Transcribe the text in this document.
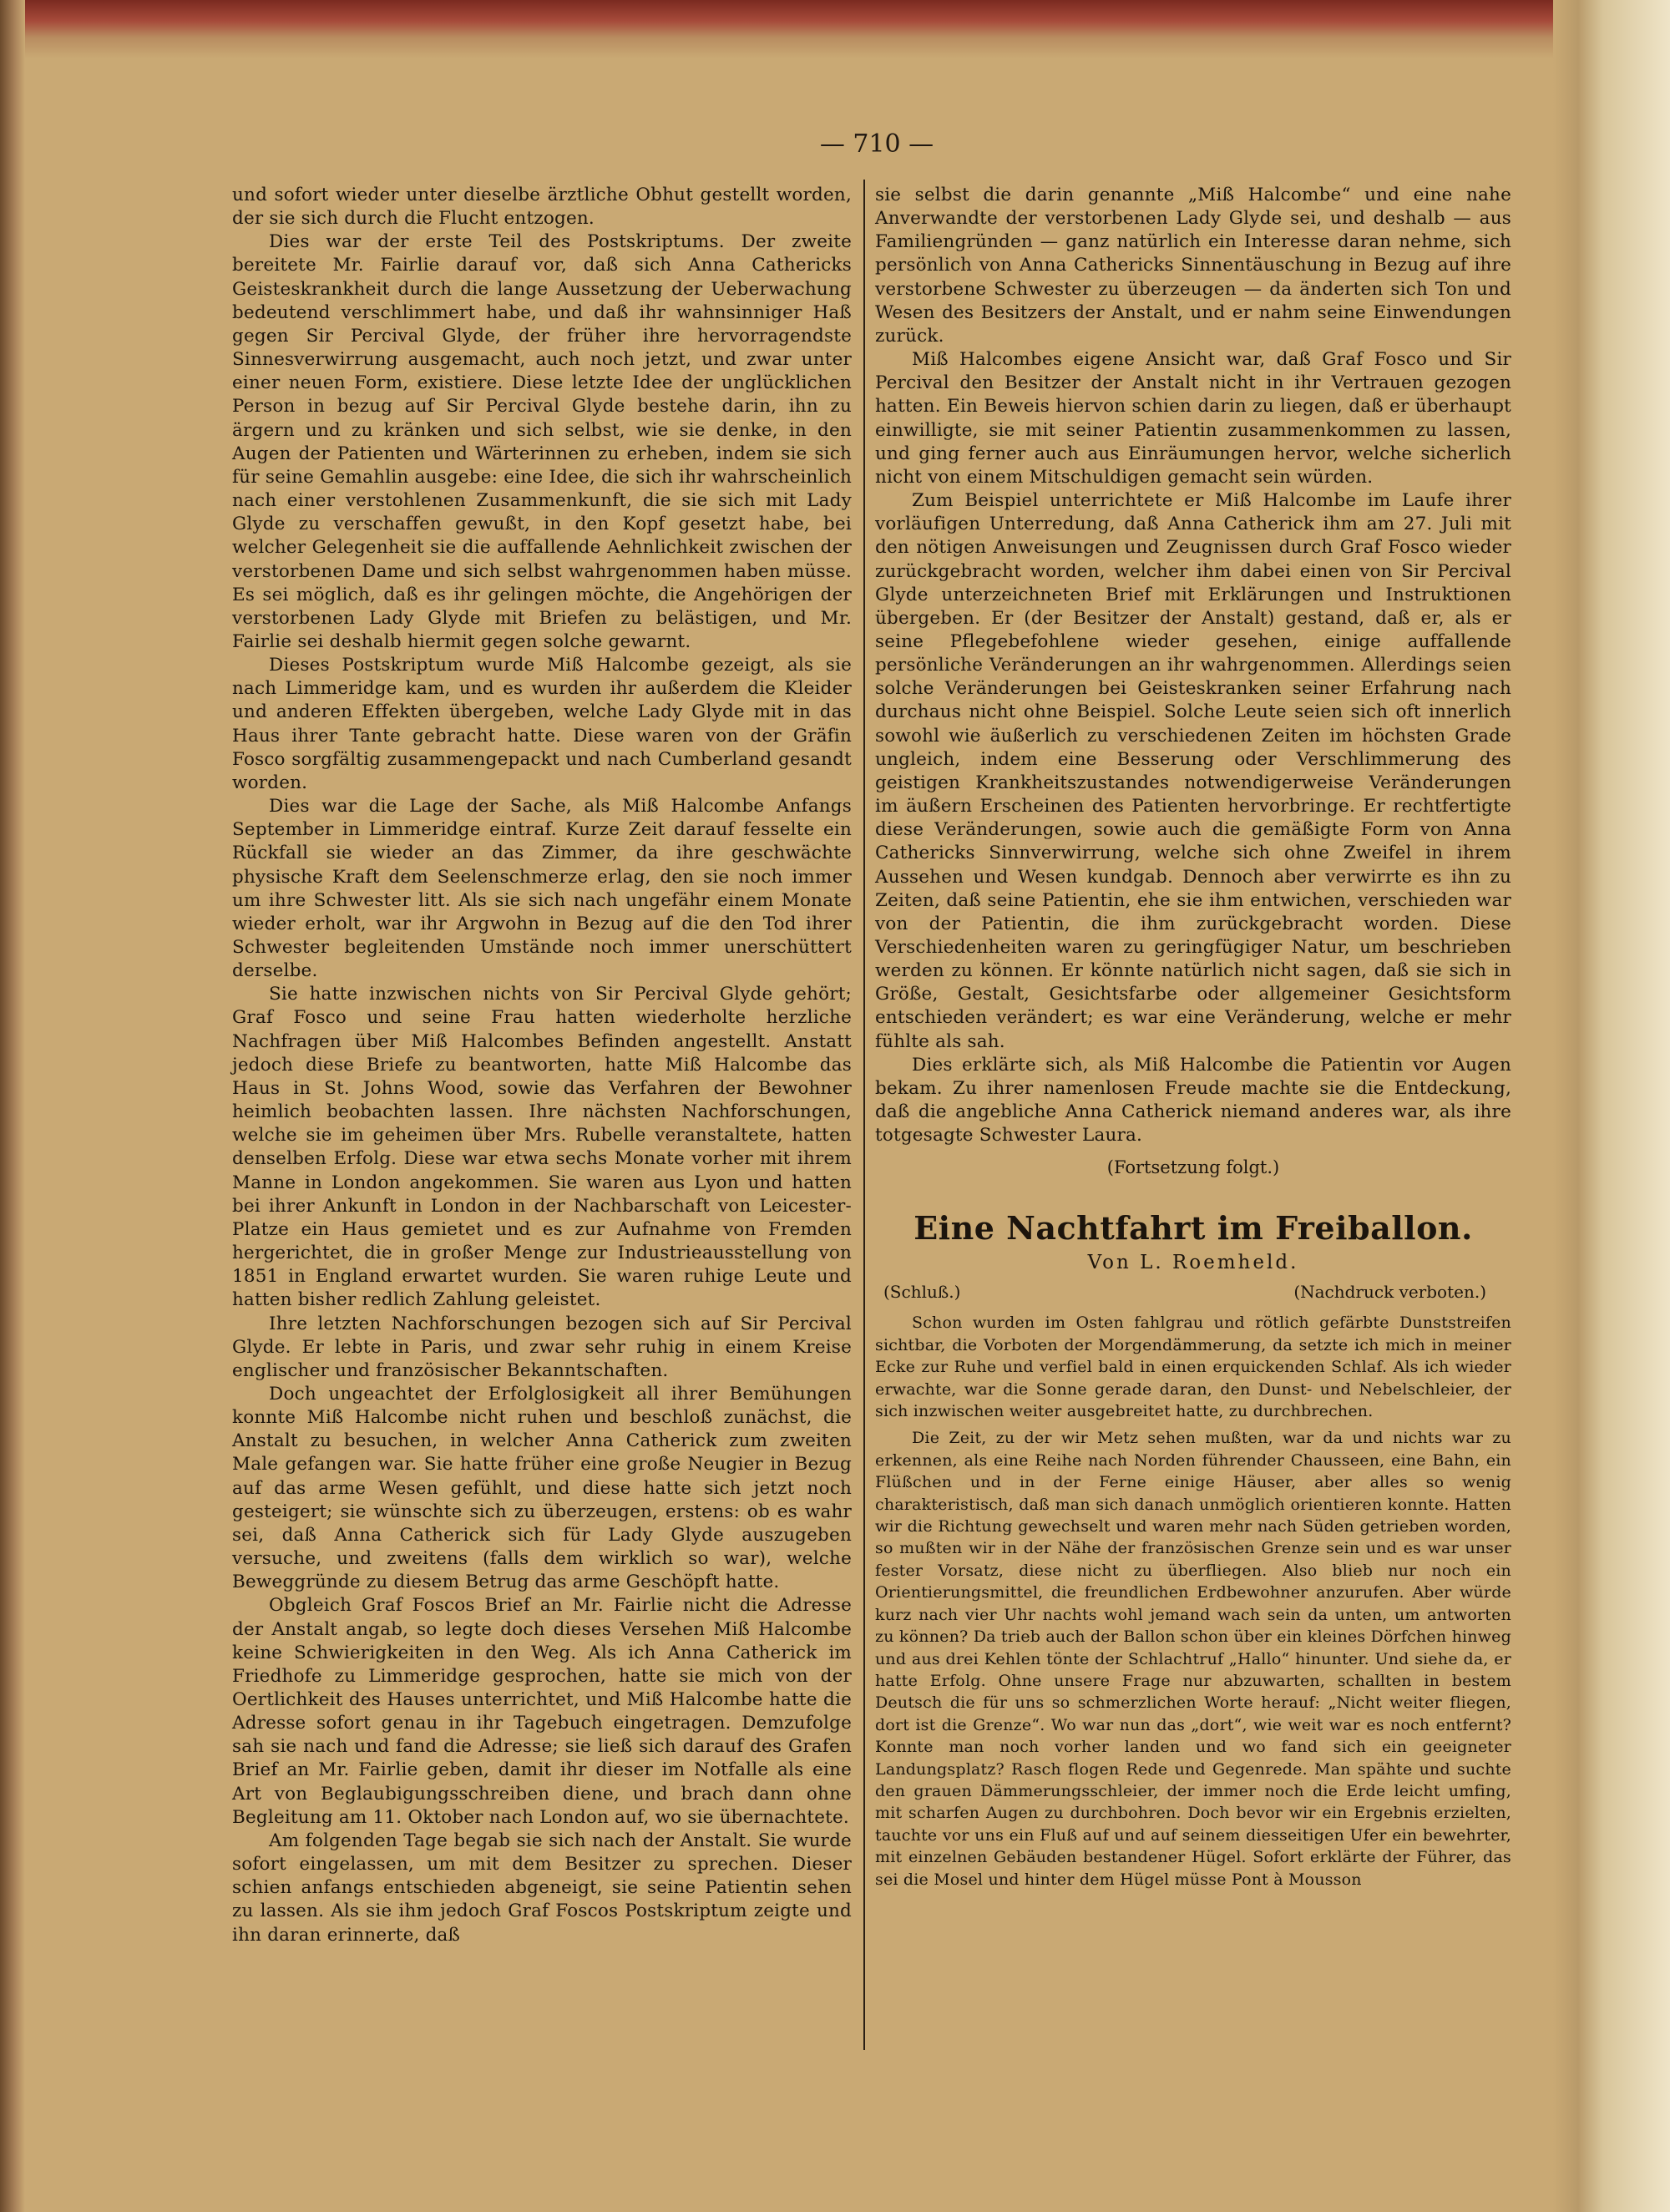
— 710 —

und sofort wieder unter dieselbe ärztliche Obhut gestellt worden, der sie sich durch die Flucht entzogen.

Dies war der erste Teil des Postskriptums. Der zweite bereitete Mr. Fairlie darauf vor, daß sich Anna Cathericks Geisteskrankheit durch die lange Aussetzung der Ueberwachung bedeutend verschlimmert habe, und daß ihr wahnsinniger Haß gegen Sir Percival Glyde, der früher ihre hervorragendste Sinnesverwirrung ausgemacht, auch noch jetzt, und zwar unter einer neuen Form, existiere. Diese letzte Idee der unglücklichen Person in bezug auf Sir Percival Glyde bestehe darin, ihn zu ärgern und zu kränken und sich selbst, wie sie denke, in den Augen der Patienten und Wärterinnen zu erheben, indem sie sich für seine Gemahlin ausgebe: eine Idee, die sich ihr wahrscheinlich nach einer verstohlenen Zusammenkunft, die sie sich mit Lady Glyde zu verschaffen gewußt, in den Kopf gesetzt habe, bei welcher Gelegenheit sie die auffallende Aehnlichkeit zwischen der verstorbenen Dame und sich selbst wahrgenommen haben müsse. Es sei möglich, daß es ihr gelingen möchte, die Angehörigen der verstorbenen Lady Glyde mit Briefen zu belästigen, und Mr. Fairlie sei deshalb hiermit gegen solche gewarnt.

Dieses Postskriptum wurde Miß Halcombe gezeigt, als sie nach Limmeridge kam, und es wurden ihr außerdem die Kleider und anderen Effekten übergeben, welche Lady Glyde mit in das Haus ihrer Tante gebracht hatte. Diese waren von der Gräfin Fosco sorgfältig zusammengepackt und nach Cumberland gesandt worden.

Dies war die Lage der Sache, als Miß Halcombe Anfangs September in Limmeridge eintraf. Kurze Zeit darauf fesselte ein Rückfall sie wieder an das Zimmer, da ihre geschwächte physische Kraft dem Seelenschmerze erlag, den sie noch immer um ihre Schwester litt. Als sie sich nach ungefähr einem Monate wieder erholt, war ihr Argwohn in Bezug auf die den Tod ihrer Schwester begleitenden Umstände noch immer unerschüttert derselbe.

Sie hatte inzwischen nichts von Sir Percival Glyde gehört; Graf Fosco und seine Frau hatten wiederholte herzliche Nachfragen über Miß Halcombes Befinden angestellt. Anstatt jedoch diese Briefe zu beantworten, hatte Miß Halcombe das Haus in St. Johns Wood, sowie das Verfahren der Bewohner heimlich beobachten lassen. Ihre nächsten Nachforschungen, welche sie im geheimen über Mrs. Rubelle veranstaltete, hatten denselben Erfolg. Diese war etwa sechs Monate vorher mit ihrem Manne in London angekommen. Sie waren aus Lyon und hatten bei ihrer Ankunft in London in der Nachbarschaft von Leicester-Platze ein Haus gemietet und es zur Aufnahme von Fremden hergerichtet, die in großer Menge zur Industrieausstellung von 1851 in England erwartet wurden. Sie waren ruhige Leute und hatten bisher redlich Zahlung geleistet.

Ihre letzten Nachforschungen bezogen sich auf Sir Percival Glyde. Er lebte in Paris, und zwar sehr ruhig in einem Kreise englischer und französischer Bekanntschaften.

Doch ungeachtet der Erfolglosigkeit all ihrer Bemühungen konnte Miß Halcombe nicht ruhen und beschloß zunächst, die Anstalt zu besuchen, in welcher Anna Catherick zum zweiten Male gefangen war. Sie hatte früher eine große Neugier in Bezug auf das arme Wesen gefühlt, und diese hatte sich jetzt noch gesteigert; sie wünschte sich zu überzeugen, erstens: ob es wahr sei, daß Anna Catherick sich für Lady Glyde auszugeben versuche, und zweitens (falls dem wirklich so war), welche Beweggründe zu diesem Betrug das arme Geschöpft hatte.

Obgleich Graf Foscos Brief an Mr. Fairlie nicht die Adresse der Anstalt angab, so legte doch dieses Versehen Miß Halcombe keine Schwierigkeiten in den Weg. Als ich Anna Catherick im Friedhofe zu Limmeridge gesprochen, hatte sie mich von der Oertlichkeit des Hauses unterrichtet, und Miß Halcombe hatte die Adresse sofort genau in ihr Tagebuch eingetragen. Demzufolge sah sie nach und fand die Adresse; sie ließ sich darauf des Grafen Brief an Mr. Fairlie geben, damit ihr dieser im Notfalle als eine Art von Beglaubigungsschreiben diene, und brach dann ohne Begleitung am 11. Oktober nach London auf, wo sie übernachtete.

Am folgenden Tage begab sie sich nach der Anstalt. Sie wurde sofort eingelassen, um mit dem Besitzer zu sprechen. Dieser schien anfangs entschieden abgeneigt, sie seine Patientin sehen zu lassen. Als sie ihm jedoch Graf Foscos Postskriptum zeigte und ihn daran erinnerte, daß

sie selbst die darin genannte „Miß Halcombe“ und eine nahe Anverwandte der verstorbenen Lady Glyde sei, und deshalb — aus Familiengründen — ganz natürlich ein Interesse daran nehme, sich persönlich von Anna Cathericks Sinnentäuschung in Bezug auf ihre verstorbene Schwester zu überzeugen — da änderten sich Ton und Wesen des Besitzers der Anstalt, und er nahm seine Einwendungen zurück.

Miß Halcombes eigene Ansicht war, daß Graf Fosco und Sir Percival den Besitzer der Anstalt nicht in ihr Vertrauen gezogen hatten. Ein Beweis hiervon schien darin zu liegen, daß er überhaupt einwilligte, sie mit seiner Patientin zusammenkommen zu lassen, und ging ferner auch aus Einräumungen hervor, welche sicherlich nicht von einem Mitschuldigen gemacht sein würden.

Zum Beispiel unterrichtete er Miß Halcombe im Laufe ihrer vorläufigen Unterredung, daß Anna Catherick ihm am 27. Juli mit den nötigen Anweisungen und Zeugnissen durch Graf Fosco wieder zurückgebracht worden, welcher ihm dabei einen von Sir Percival Glyde unterzeichneten Brief mit Erklärungen und Instruktionen übergeben. Er (der Besitzer der Anstalt) gestand, daß er, als er seine Pflegebefohlene wieder gesehen, einige auffallende persönliche Veränderungen an ihr wahrgenommen. Allerdings seien solche Veränderungen bei Geisteskranken seiner Erfahrung nach durchaus nicht ohne Beispiel. Solche Leute seien sich oft innerlich sowohl wie äußerlich zu verschiedenen Zeiten im höchsten Grade ungleich, indem eine Besserung oder Verschlimmerung des geistigen Krankheitszustandes notwendigerweise Veränderungen im äußern Erscheinen des Patienten hervorbringe. Er rechtfertigte diese Veränderungen, sowie auch die gemäßigte Form von Anna Cathericks Sinnverwirrung, welche sich ohne Zweifel in ihrem Aussehen und Wesen kundgab. Dennoch aber verwirrte es ihn zu Zeiten, daß seine Patientin, ehe sie ihm entwichen, verschieden war von der Patientin, die ihm zurückgebracht worden. Diese Verschiedenheiten waren zu geringfügiger Natur, um beschrieben werden zu können. Er könnte natürlich nicht sagen, daß sie sich in Größe, Gestalt, Gesichtsfarbe oder allgemeiner Gesichtsform entschieden verändert; es war eine Veränderung, welche er mehr fühlte als sah.

Dies erklärte sich, als Miß Halcombe die Patientin vor Augen bekam. Zu ihrer namenlosen Freude machte sie die Entdeckung, daß die angebliche Anna Catherick niemand anderes war, als ihre totgesagte Schwester Laura.

(Fortsetzung folgt.)
Eine Nachtfahrt im Freiballon.
Von L. Roemheld.
(Schluß.)	(Nachdruck verboten.)

Schon wurden im Osten fahlgrau und rötlich gefärbte Dunststreifen sichtbar, die Vorboten der Morgendämmerung, da setzte ich mich in meiner Ecke zur Ruhe und verfiel bald in einen erquickenden Schlaf. Als ich wieder erwachte, war die Sonne gerade daran, den Dunst- und Nebelschleier, der sich inzwischen weiter ausgebreitet hatte, zu durchbrechen.

Die Zeit, zu der wir Metz sehen mußten, war da und nichts war zu erkennen, als eine Reihe nach Norden führender Chausseen, eine Bahn, ein Flüßchen und in der Ferne einige Häuser, aber alles so wenig charakteristisch, daß man sich danach unmöglich orientieren konnte. Hatten wir die Richtung gewechselt und waren mehr nach Süden getrieben worden, so mußten wir in der Nähe der französischen Grenze sein und es war unser fester Vorsatz, diese nicht zu überfliegen. Also blieb nur noch ein Orientierungsmittel, die freundlichen Erdbewohner anzurufen. Aber würde kurz nach vier Uhr nachts wohl jemand wach sein da unten, um antworten zu können? Da trieb auch der Ballon schon über ein kleines Dörfchen hinweg und aus drei Kehlen tönte der Schlachtruf „Hallo“ hinunter. Und siehe da, er hatte Erfolg. Ohne unsere Frage nur abzuwarten, schallten in bestem Deutsch die für uns so schmerzlichen Worte herauf: „Nicht weiter fliegen, dort ist die Grenze“. Wo war nun das „dort“, wie weit war es noch entfernt? Konnte man noch vorher landen und wo fand sich ein geeigneter Landungsplatz? Rasch flogen Rede und Gegenrede. Man spähte und suchte den grauen Dämmerungsschleier, der immer noch die Erde leicht umfing, mit scharfen Augen zu durchbohren. Doch bevor wir ein Ergebnis erzielten, tauchte vor uns ein Fluß auf und auf seinem diesseitigen Ufer ein bewehrter, mit einzelnen Gebäuden bestandener Hügel. Sofort erklärte der Führer, das sei die Mosel und hinter dem Hügel müsse Pont à Mousson
